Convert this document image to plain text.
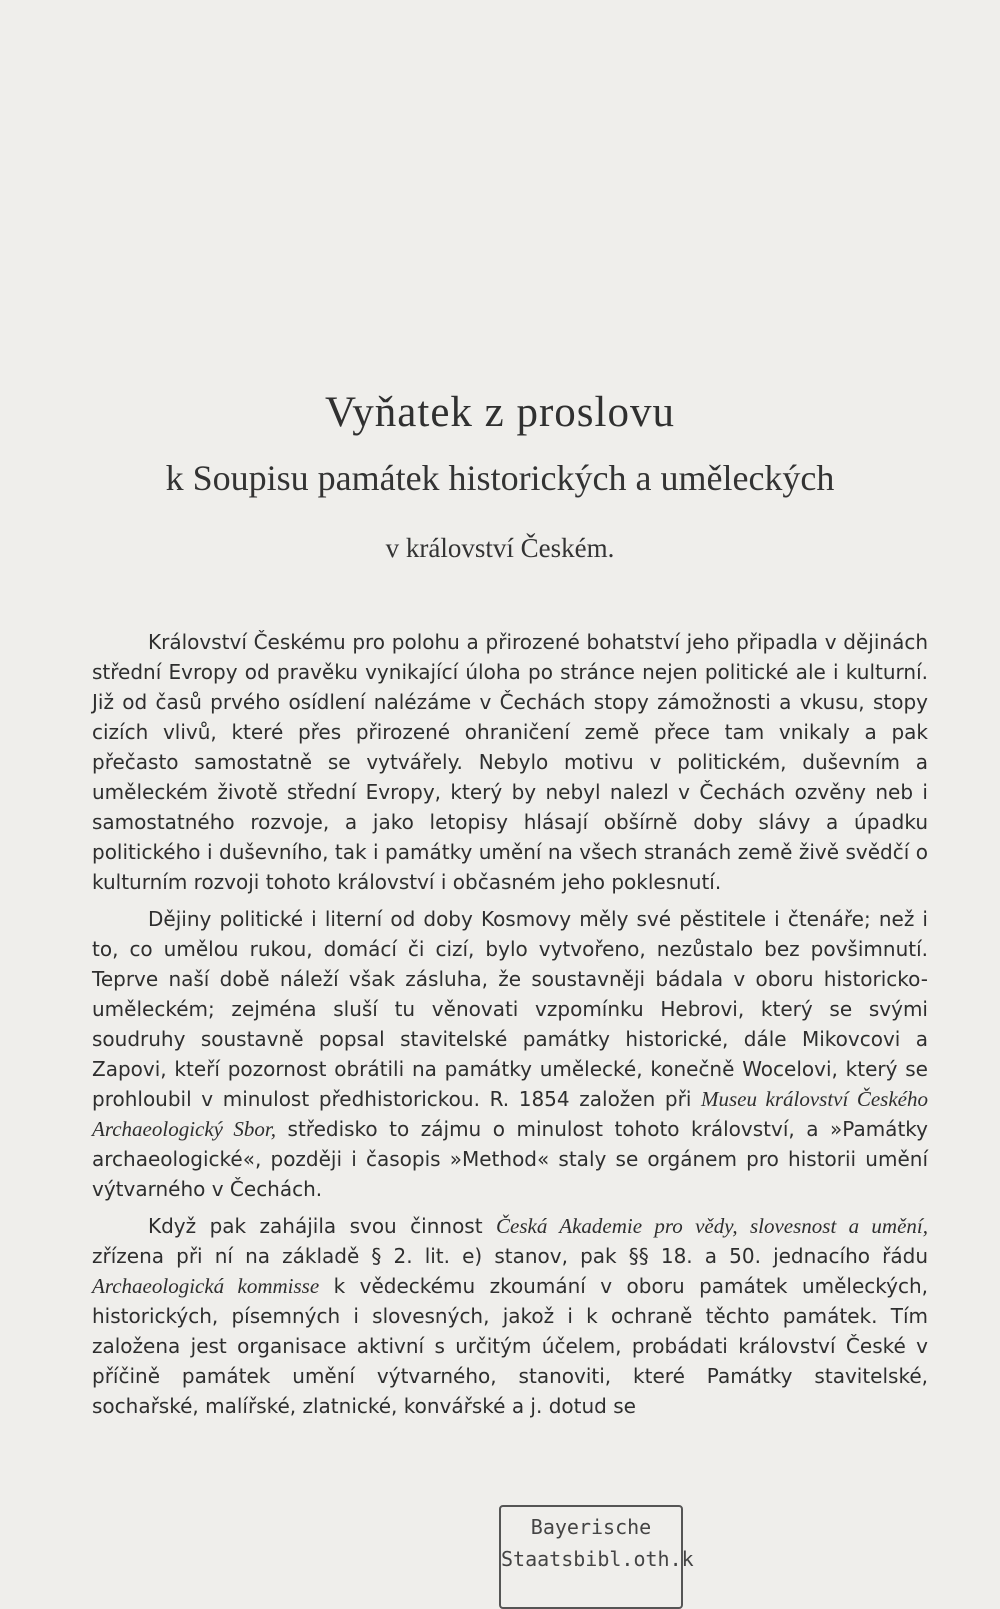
Vyňatek z proslovu
k Soupisu památek historických a uměleckých
v království Českém.

Království Českému pro polohu a přirozené bohatství jeho připadla v dějinách střední Evropy od pravěku vynikající úloha po stránce nejen politické ale i kulturní. Již od časů prvého osídlení nalézáme v Čechách stopy zámožnosti a vkusu, stopy cizích vlivů, které přes přirozené ohraničení země přece tam vnikaly a pak přečasto samostatně se vytvářely. Nebylo motivu v politickém, duševním a uměleckém životě střední Evropy, který by nebyl nalezl v Čechách ozvěny neb i samostatného rozvoje, a jako letopisy hlásají obšírně doby slávy a úpadku politického i duševního, tak i památky umění na všech stranách země živě svědčí o kulturním rozvoji tohoto království i občasném jeho poklesnutí.

Dějiny politické i literní od doby Kosmovy měly své pěstitele i čtenáře; než i to, co umělou rukou, domácí či cizí, bylo vytvořeno, nezůstalo bez povšimnutí. Teprve naší době náleží však zásluha, že soustavněji bádala v oboru historicko-uměleckém; zejména sluší tu věnovati vzpomínku Hebrovi, který se svými soudruhy soustavně popsal stavitelské památky historické, dále Mikovcovi a Zapovi, kteří pozornost obrátili na památky umělecké, konečně Wocelovi, který se prohloubil v minulost předhistorickou. R. 1854 založen při Museu království Českého Archaeologický Sbor, středisko to zájmu o minulost tohoto království, a »Památky archaeologické«, později i časopis »Method« staly se orgánem pro historii umění výtvarného v Čechách.

Když pak zahájila svou činnost Česká Akademie pro vědy, slovesnost a umění, zřízena při ní na základě § 2. lit. e) stanov, pak §§ 18. a 50. jednacího řádu Archaeologická kommisse k vědeckému zkoumání v oboru památek uměleckých, historických, písemných i slovesných, jakož i k ochraně těchto památek. Tím založena jest organisace aktivní s určitým účelem, probádati království České v příčině památek umění výtvarného, stanoviti, které Památky stavitelské, sochařské, malířské, zlatnické, konvářské a j. dotud se

Bayerische
Staatsbibl.oth.k
